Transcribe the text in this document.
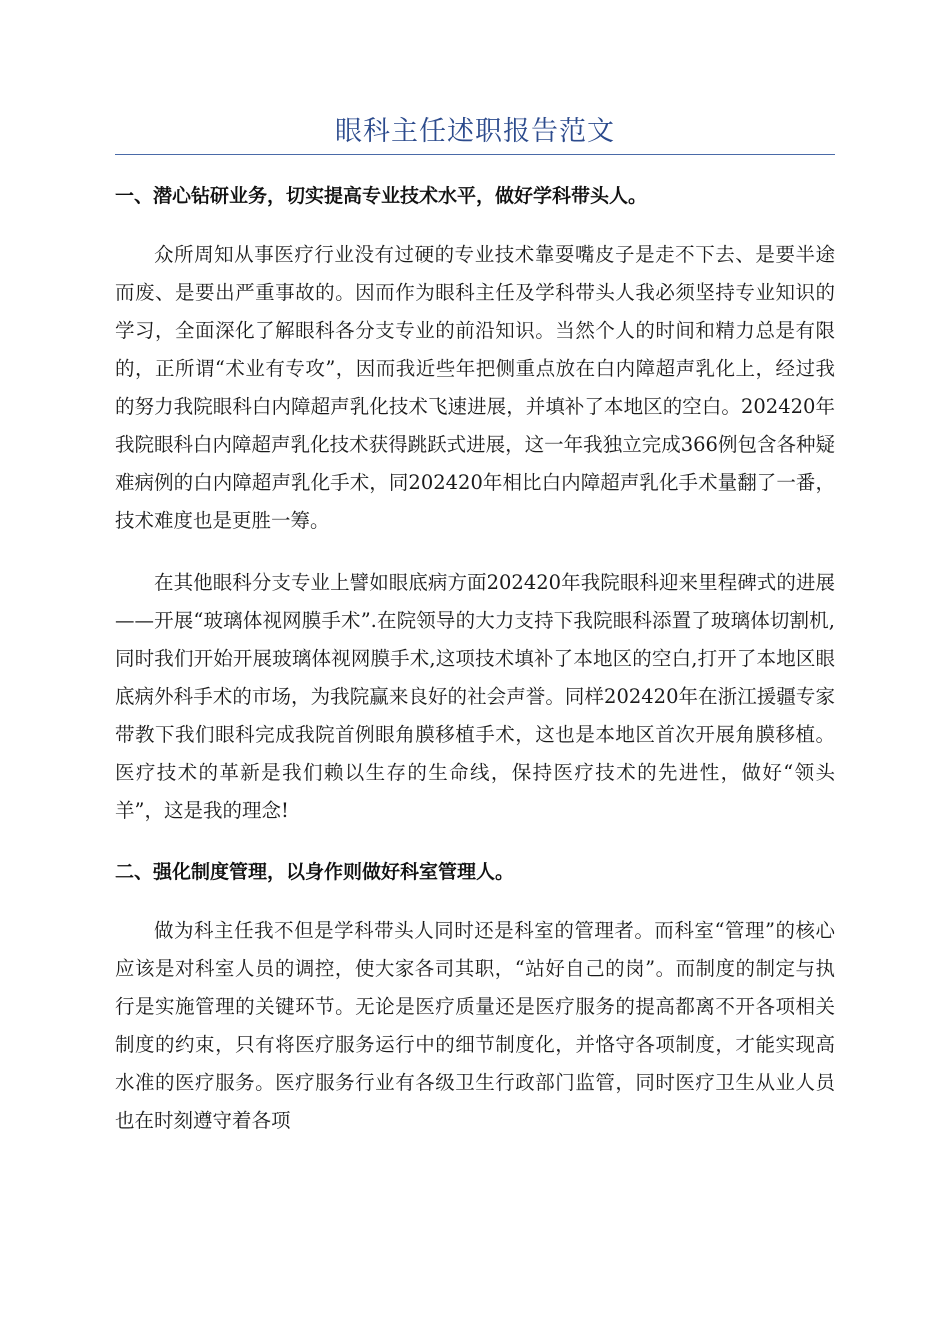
眼科主任述职报告范文
一、潜心钻研业务，切实提高专业技术水平，做好学科带头人。

众所周知从事医疗行业没有过硬的专业技术靠耍嘴皮子是走不下去、是要半途而废、是要出严重事故的。因而作为眼科主任及学科带头人我必须坚持专业知识的学习，全面深化了解眼科各分支专业的前沿知识。当然个人的时间和精力总是有限的，正所谓“术业有专攻”，因而我近些年把侧重点放在白内障超声乳化上，经过我的努力我院眼科白内障超声乳化技术飞速进展，并填补了本地区的空白。202420年我院眼科白内障超声乳化技术获得跳跃式进展，这一年我独立完成366例包含各种疑难病例的白内障超声乳化手术，同202420年相比白内障超声乳化手术量翻了一番，技术难度也是更胜一筹。

在其他眼科分支专业上譬如眼底病方面202420年我院眼科迎来里程碑式的进展——开展“玻璃体视网膜手术”.在院领导的大力支持下我院眼科添置了玻璃体切割机,同时我们开始开展玻璃体视网膜手术,这项技术填补了本地区的空白,打开了本地区眼底病外科手术的市场，为我院赢来良好的社会声誉。同样202420年在浙江援疆专家带教下我们眼科完成我院首例眼角膜移植手术，这也是本地区首次开展角膜移植。医疗技术的革新是我们赖以生存的生命线，保持医疗技术的先进性，做好“领头羊”，这是我的理念!

二、强化制度管理，以身作则做好科室管理人。

做为科主任我不但是学科带头人同时还是科室的管理者。而科室“管理”的核心应该是对科室人员的调控，使大家各司其职，“站好自己的岗”。而制度的制定与执行是实施管理的关键环节。无论是医疗质量还是医疗服务的提高都离不开各项相关制度的约束，只有将医疗服务运行中的细节制度化，并恪守各项制度，才能实现高水准的医疗服务。医疗服务行业有各级卫生行政部门监管，同时医疗卫生从业人员也在时刻遵守着各项
